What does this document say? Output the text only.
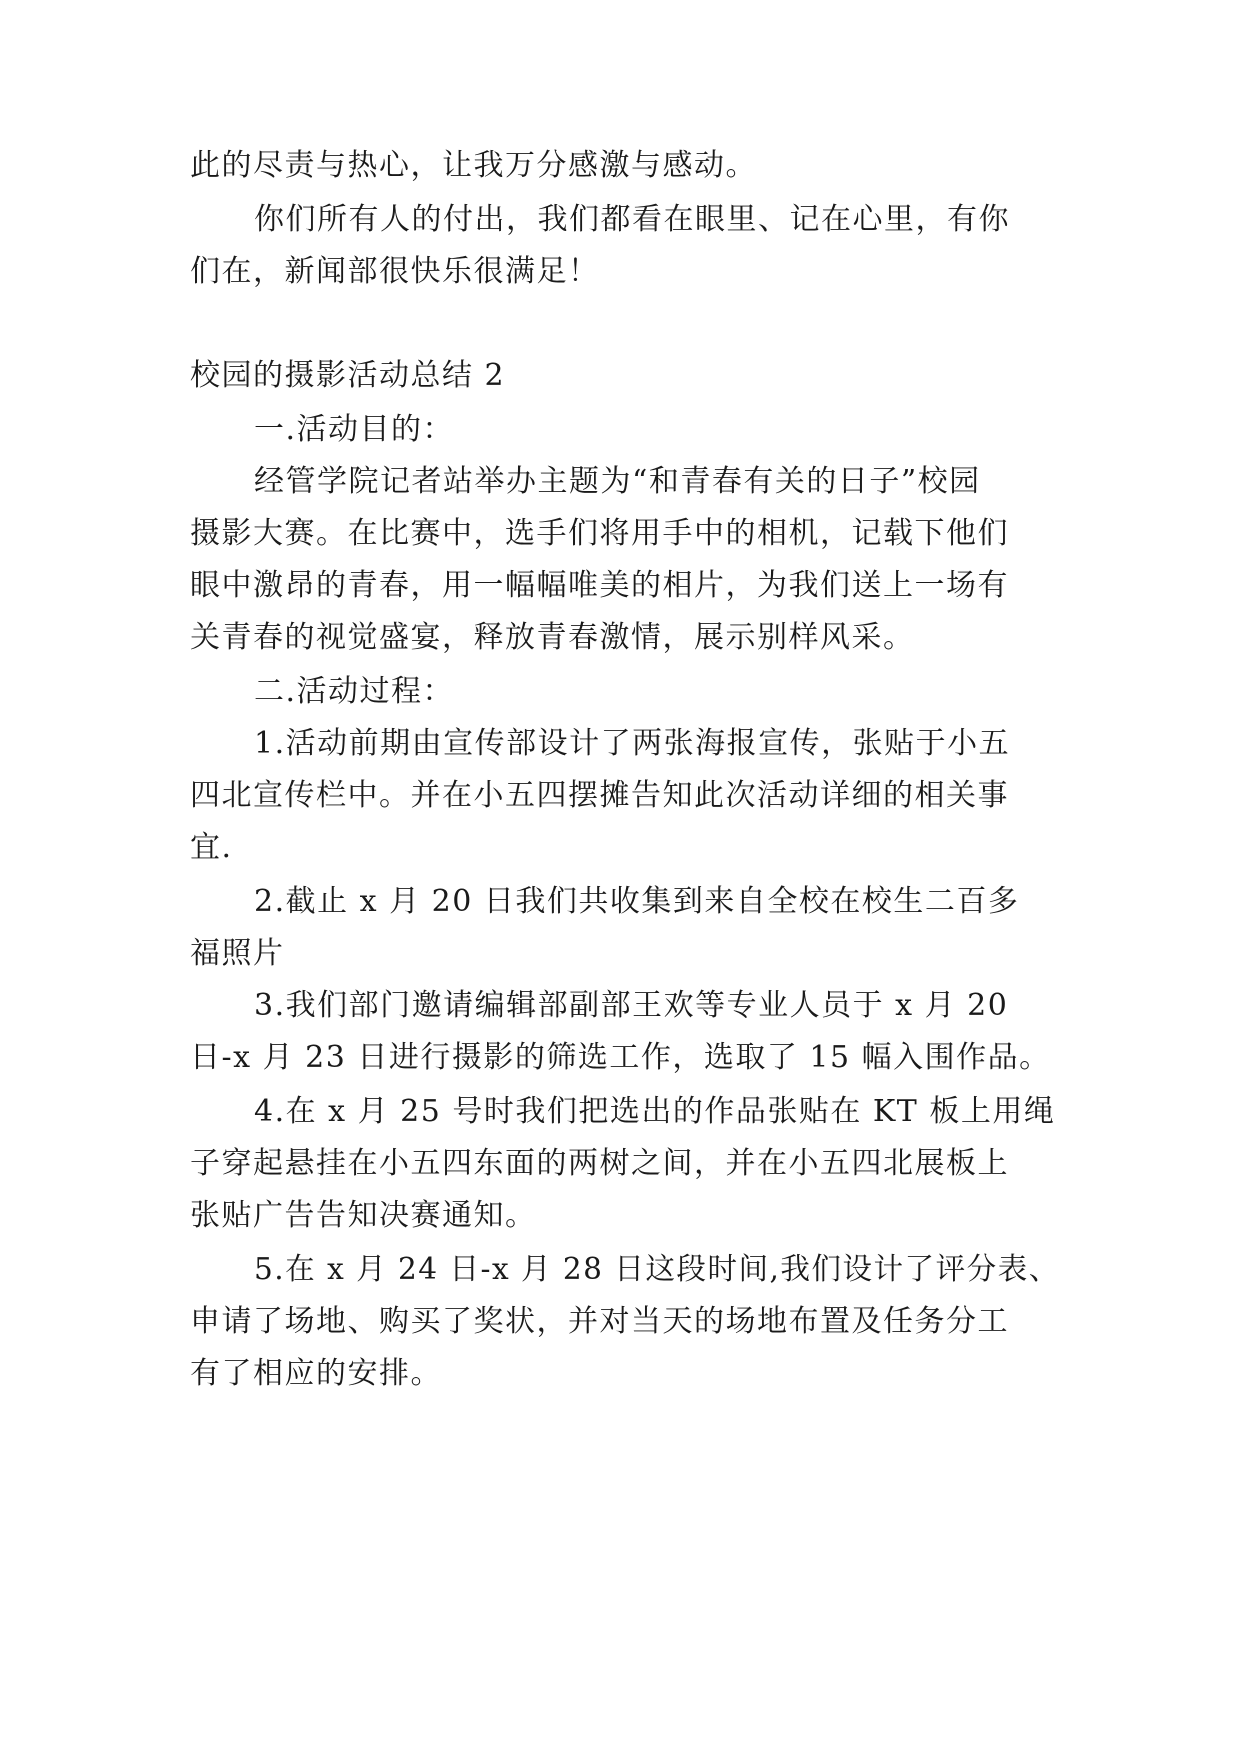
此的尽责与热心，让我万分感激与感动。
你们所有人的付出，我们都看在眼里、记在心里，有你
们在，新闻部很快乐很满足！
校园的摄影活动总结 2
一.活动目的：
经管学院记者站举办主题为“和青春有关的日子”校园
摄影大赛。在比赛中，选手们将用手中的相机，记载下他们
眼中激昂的青春，用一幅幅唯美的相片，为我们送上一场有
关青春的视觉盛宴，释放青春激情，展示别样风采。
二.活动过程：
1.活动前期由宣传部设计了两张海报宣传，张贴于小五
四北宣传栏中。并在小五四摆摊告知此次活动详细的相关事
宜.
2.截止 x 月 20 日我们共收集到来自全校在校生二百多
福照片
3.我们部门邀请编辑部副部王欢等专业人员于 x 月 20
日-x 月 23 日进行摄影的筛选工作，选取了 15 幅入围作品。
4.在 x 月 25 号时我们把选出的作品张贴在 KT 板上用绳
子穿起悬挂在小五四东面的两树之间，并在小五四北展板上
张贴广告告知决赛通知。
5.在 x 月 24 日-x 月 28 日这段时间,我们设计了评分表、
申请了场地、购买了奖状，并对当天的场地布置及任务分工
有了相应的安排。
